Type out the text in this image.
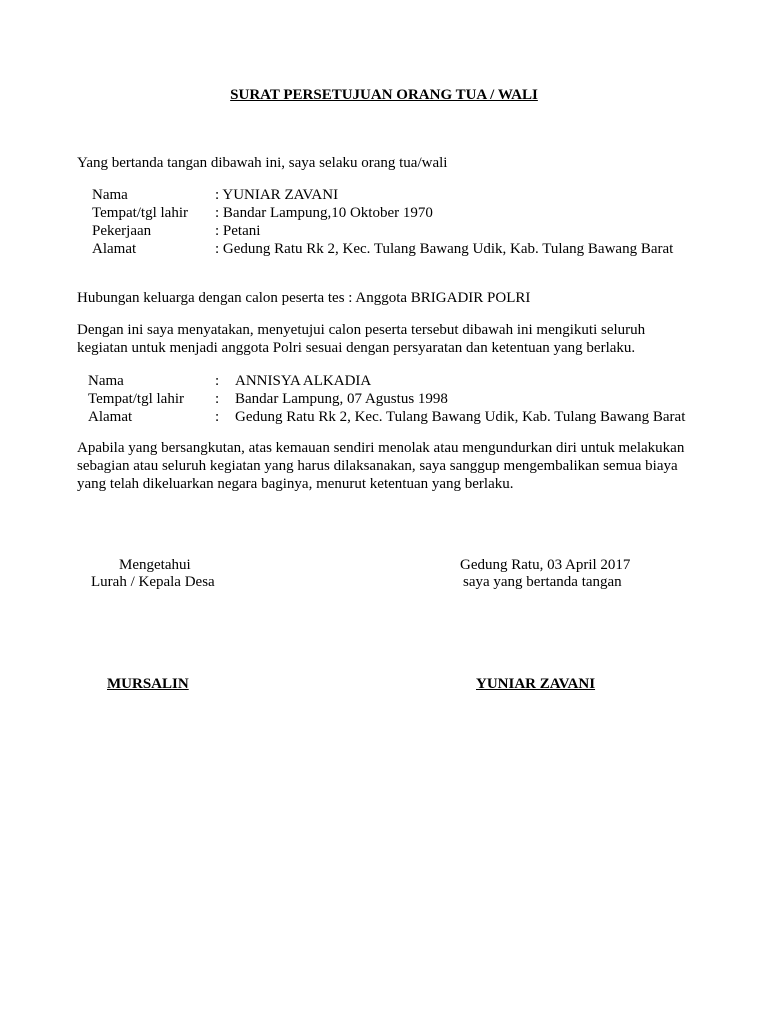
SURAT PERSETUJUAN ORANG TUA / WALI
Yang bertanda tangan dibawah ini, saya selaku orang tua/wali
Nama	: YUNIAR ZAVANI
Tempat/tgl lahir : Bandar Lampung,10 Oktober 1970
Pekerjaan	: Petani
Alamat	: Gedung Ratu Rk 2, Kec. Tulang Bawang Udik, Kab. Tulang Bawang Barat
Hubungan keluarga dengan calon peserta tes : Anggota BRIGADIR POLRI
Dengan ini saya menyatakan, menyetujui calon peserta tersebut dibawah ini mengikuti seluruh
kegiatan untuk menjadi anggota Polri sesuai dengan persyaratan dan ketentuan yang berlaku.
Nama	: ANNISYA ALKADIA
Tempat/tgl lahir : Bandar Lampung, 07 Agustus 1998
Alamat	: Gedung Ratu Rk 2, Kec. Tulang Bawang Udik, Kab. Tulang Bawang Barat
Apabila yang bersangkutan, atas kemauan sendiri menolak atau mengundurkan diri untuk melakukan
sebagian atau seluruh kegiatan yang harus dilaksanakan, saya sanggup mengembalikan semua biaya
yang telah dikeluarkan negara baginya, menurut ketentuan yang berlaku.
Mengetahui
Lurah / Kepala Desa
MURSALIN
Gedung Ratu, 03 April 2017
saya yang bertanda tangan
YUNIAR ZAVANI
